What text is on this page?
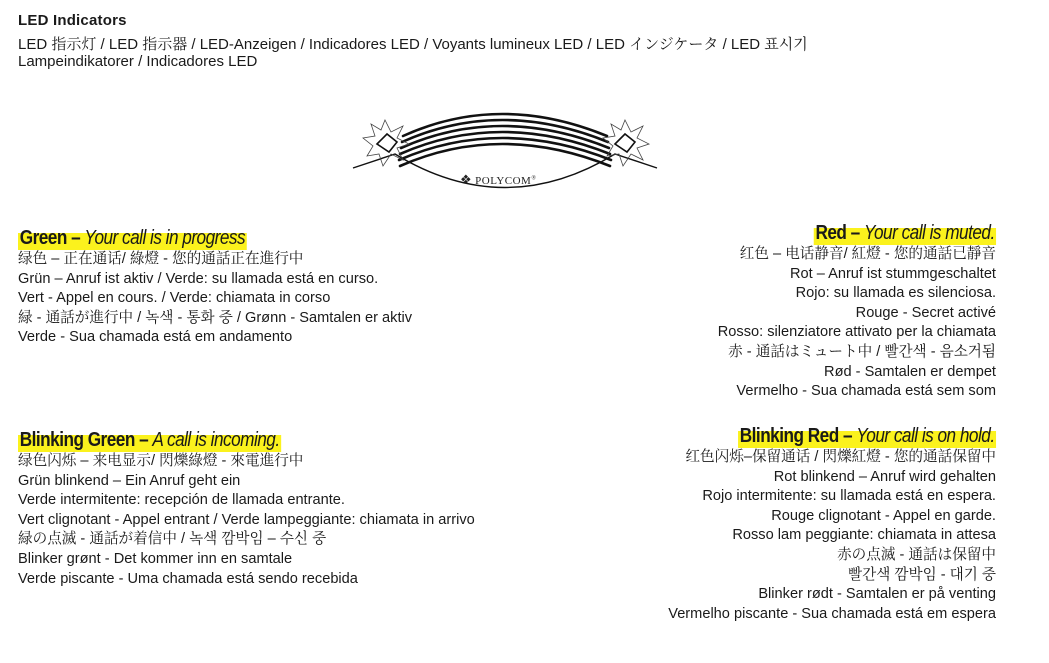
LED Indicators
LED 指示灯 / LED 指示器 / LED-Anzeigen / Indicadores LED / Voyants lumineux LED / LED インジケータ / LED 표시기
Lampeindikatorer / Indicadores LED
❖ POLYCOM®
Green – Your call is in progress
绿色 – 正在通话/ 綠燈 - 您的通話正在進行中
Grün – Anruf ist aktiv / Verde: su llamada está en curso.
Vert - Appel en cours. / Verde: chiamata in corso
緑 - 通話が進行中 / 녹색 - 통화 중 / Grønn - Samtalen er aktiv
Verde - Sua chamada está em andamento
Red – Your call is muted.
红色 – 电话静音/ 紅燈 - 您的通話已靜音
Rot – Anruf ist stummgeschaltet
Rojo: su llamada es silenciosa.
Rouge - Secret activé
Rosso: silenziatore attivato per la chiamata
赤 - 通話はミュート中 / 빨간색 - 음소거됨
Rød - Samtalen er dempet
Vermelho - Sua chamada está sem som
Blinking Green – A call is incoming.
绿色闪烁 – 来电显示/ 閃爍綠燈 - 來電進行中
Grün blinkend – Ein Anruf geht ein
Verde intermitente: recepción de llamada entrante.
Vert clignotant - Appel entrant / Verde lampeggiante: chiamata in arrivo
緑の点滅 - 通話が着信中 / 녹색 깜박임 – 수신 중
Blinker grønt - Det kommer inn en samtale
Verde piscante - Uma chamada está sendo recebida
Blinking Red – Your call is on hold.
红色闪烁–保留通话 / 閃爍紅燈 - 您的通話保留中
Rot blinkend – Anruf wird gehalten
Rojo intermitente: su llamada está en espera.
Rouge clignotant - Appel en garde.
Rosso lam peggiante: chiamata in attesa
赤の点滅 - 通話は保留中
빨간색 깜박임 - 대기 중
Blinker rødt - Samtalen er på venting
Vermelho piscante - Sua chamada está em espera
